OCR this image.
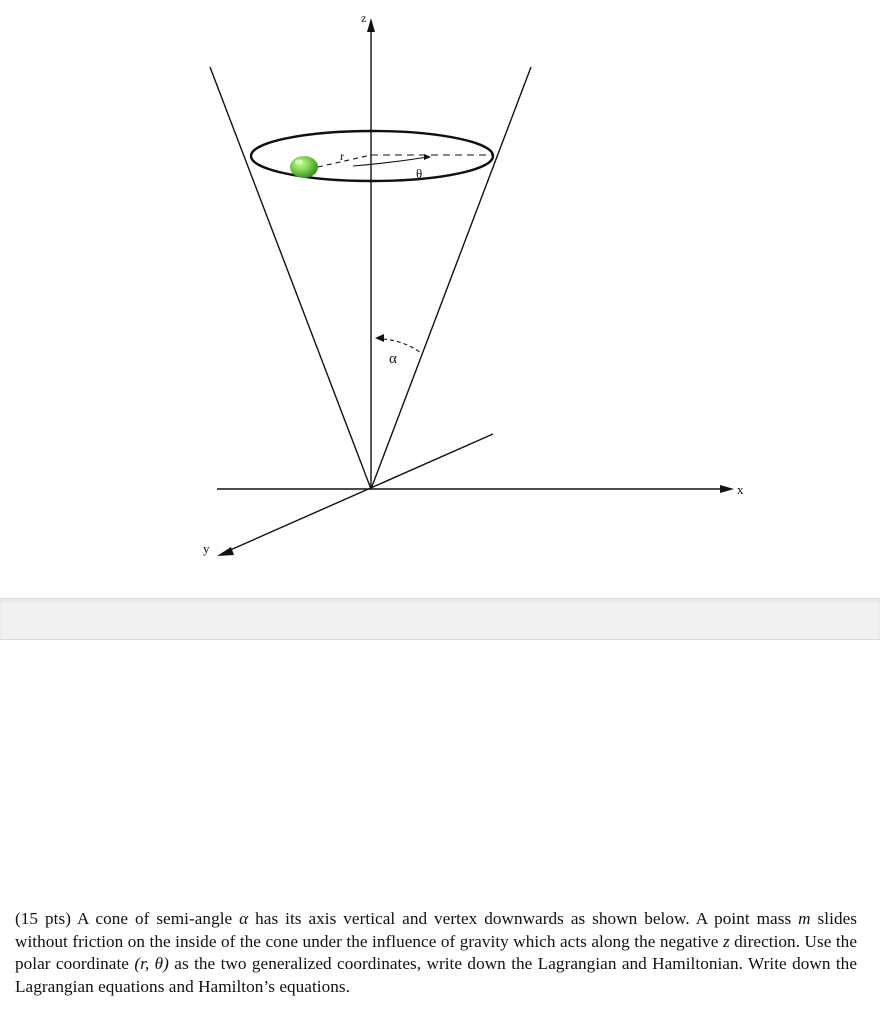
z
x
y
r
θ
α

(15 pts) A cone of semi-angle α has its axis vertical and vertex downwards as shown below. A point mass m slides without friction on the inside of the cone under the influence of gravity which acts along the negative z direction. Use the polar coordinate (r, θ) as the two generalized coordinates, write down the Lagrangian and Hamiltonian. Write down the Lagrangian equations and Hamilton’s equations.
